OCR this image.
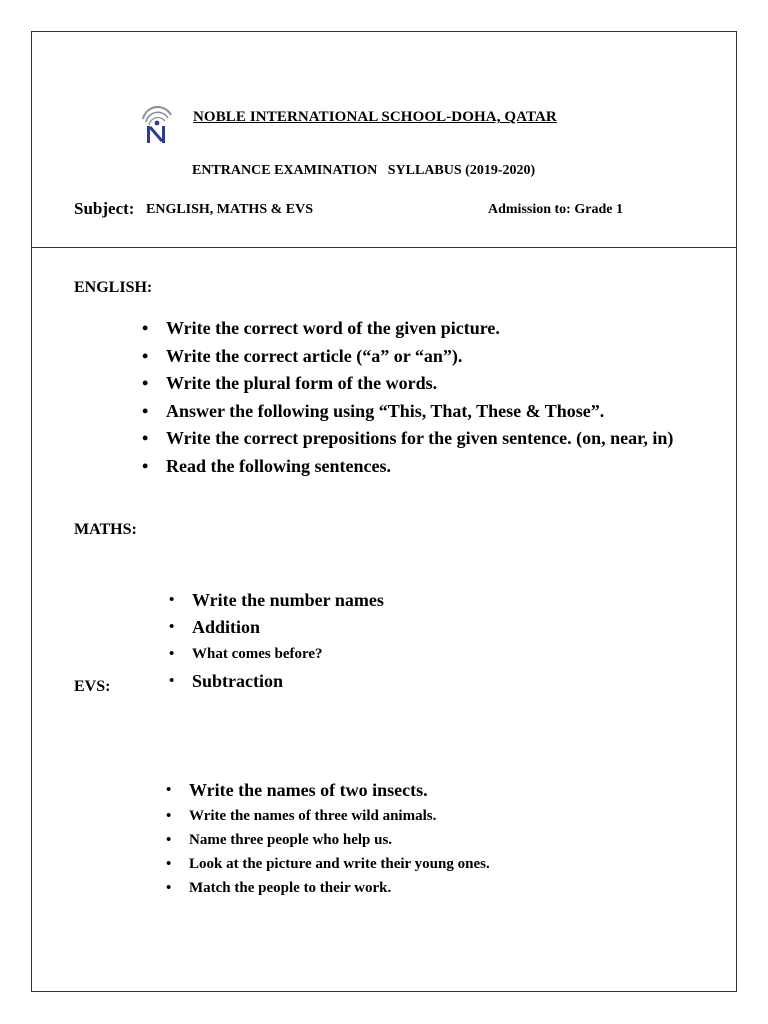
NOBLE INTERNATIONAL SCHOOL-DOHA, QATAR
ENTRANCE EXAMINATION   SYLLABUS (2019-2020)
Subject: ENGLISH, MATHS & EVS	Admission to: Grade 1
ENGLISH:
• Write the correct word of the given picture.
• Write the correct article (“a” or “an”).
• Write the plural form of the words.
• Answer the following using “This, That, These & Those”.
• Write the correct prepositions for the given sentence. (on, near, in)
• Read the following sentences.
MATHS:
• Write the number names
• Addition
• What comes before?
• Subtraction
EVS:
• Write the names of two insects.
• Write the names of three wild animals.
• Name three people who help us.
• Look at the picture and write their young ones.
• Match the people to their work.
